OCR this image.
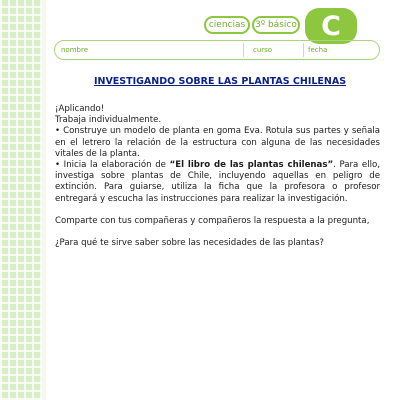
ciencias	3º básico C
nombre	curso	fecha
INVESTIGANDO SOBRE LAS PLANTAS CHILENAS

¡Aplicando!

Trabaja individualmente.

• Construye un modelo de planta en goma Eva. Rotula sus partes y señala en el letrero la relación de la estructura con alguna de las necesidades vitales de la planta.

• Inicia la elaboración de “El libro de las plantas chilenas”. Para ello, investiga sobre plantas de Chile, incluyendo aquellas en peligro de extinción. Para guiarse, utiliza la ficha que la profesora o profesor entregará y escucha las instrucciones para realizar la investigación.

Comparte con tus compañeras y compañeros la respuesta a la pregunta,

¿Para qué te sirve saber sobre las necesidades de las plantas?
